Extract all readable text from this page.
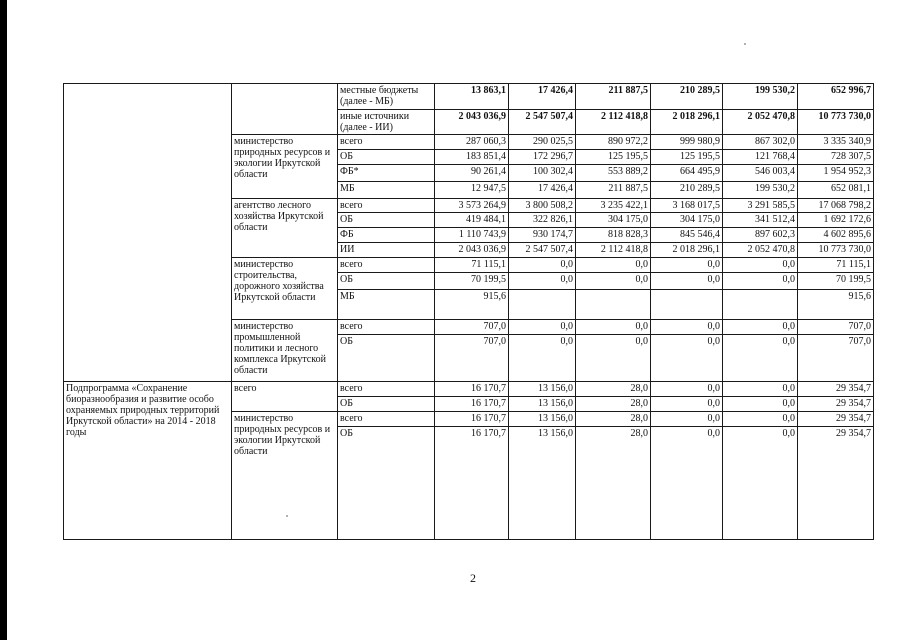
		местные бюджеты (далее - МБ)	13 863,1	17 426,4	211 887,5	210 289,5	199 530,2	652 996,7
		иные источники (далее - ИИ)	2 043 036,9	2 547 507,4	2 112 418,8	2 018 296,1	2 052 470,8	10 773 730,0
	министерство природных ресурсов и экологии Иркутской области	всего	287 060,3	290 025,5	890 972,2	999 980,9	867 302,0	3 335 340,9
		ОБ	183 851,4	172 296,7	125 195,5	125 195,5	121 768,4	728 307,5
		ФБ*	90 261,4	100 302,4	553 889,2	664 495,9	546 003,4	1 954 952,3
		МБ	12 947,5	17 426,4	211 887,5	210 289,5	199 530,2	652 081,1
	агентство лесного хозяйства Иркутской области	всего	3 573 264,9	3 800 508,2	3 235 422,1	3 168 017,5	3 291 585,5	17 068 798,2
		ОБ	419 484,1	322 826,1	304 175,0	304 175,0	341 512,4	1 692 172,6
		ФБ	1 110 743,9	930 174,7	818 828,3	845 546,4	897 602,3	4 602 895,6
		ИИ	2 043 036,9	2 547 507,4	2 112 418,8	2 018 296,1	2 052 470,8	10 773 730,0
	министерство строительства, дорожного хозяйства Иркутской области	всего	71 115,1	0,0	0,0	0,0	0,0	71 115,1
		ОБ	70 199,5	0,0	0,0	0,0	0,0	70 199,5
		МБ	915,6					915,6
	министерство промышленной политики и лесного комплекса Иркутской области	всего	707,0	0,0	0,0	0,0	0,0	707,0
		ОБ	707,0	0,0	0,0	0,0	0,0	707,0
Подпрограмма «Сохранение биоразнообразия и развитие особо охраняемых природных территорий Иркутской области» на 2014 - 2018 годы	всего	всего	16 170,7	13 156,0	28,0	0,0	0,0	29 354,7
		ОБ	16 170,7	13 156,0	28,0	0,0	0,0	29 354,7
	министерство природных ресурсов и экологии Иркутской области	всего	16 170,7	13 156,0	28,0	0,0	0,0	29 354,7
		ОБ	16 170,7	13 156,0	28,0	0,0	0,0	29 354,7
2
